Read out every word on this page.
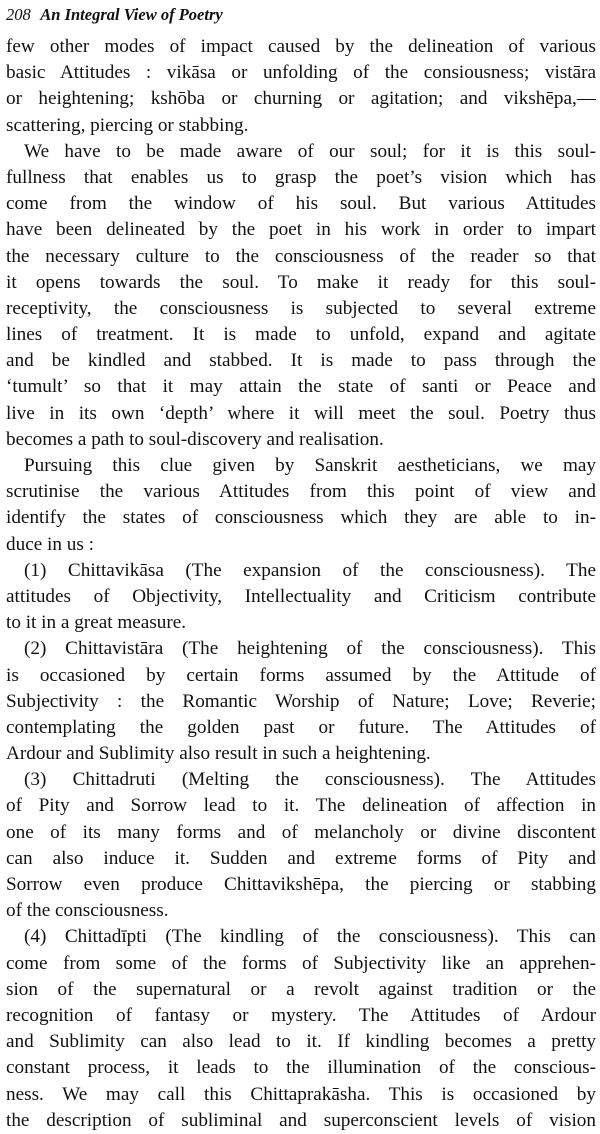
208 An Integral View of Poetry
few other modes of impact caused by the delineation of various
basic Attitudes : vikāsa or unfolding of the consiousness; vistāra
or heightening; kshōba or churning or agitation; and vikshēpa,—
scattering, piercing or stabbing.
We have to be made aware of our soul; for it is this soul-
fullness that enables us to grasp the poet’s vision which has
come from the window of his soul. But various Attitudes
have been delineated by the poet in his work in order to impart
the necessary culture to the consciousness of the reader so that
it opens towards the soul. To make it ready for this soul-
receptivity, the consciousness is subjected to several extreme
lines of treatment. It is made to unfold, expand and agitate
and be kindled and stabbed. It is made to pass through the
‘tumult’ so that it may attain the state of santi or Peace and
live in its own ‘depth’ where it will meet the soul. Poetry thus
becomes a path to soul-discovery and realisation.
Pursuing this clue given by Sanskrit aestheticians, we may
scrutinise the various Attitudes from this point of view and
identify the states of consciousness which they are able to in-
duce in us :
(1) Chittavikāsa (The expansion of the consciousness). The
attitudes of Objectivity, Intellectuality and Criticism contribute
to it in a great measure.
(2) Chittavistāra (The heightening of the consciousness). This
is occasioned by certain forms assumed by the Attitude of
Subjectivity : the Romantic Worship of Nature; Love; Reverie;
contemplating the golden past or future. The Attitudes of
Ardour and Sublimity also result in such a heightening.
(3) Chittadruti (Melting the consciousness). The Attitudes
of Pity and Sorrow lead to it. The delineation of affection in
one of its many forms and of melancholy or divine discontent
can also induce it. Sudden and extreme forms of Pity and
Sorrow even produce Chittavikshēpa, the piercing or stabbing
of the consciousness.
(4) Chittadīpti (The kindling of the consciousness). This can
come from some of the forms of Subjectivity like an apprehen-
sion of the supernatural or a revolt against tradition or the
recognition of fantasy or mystery. The Attitudes of Ardour
and Sublimity can also lead to it. If kindling becomes a pretty
constant process, it leads to the illumination of the conscious-
ness. We may call this Chittaprakāsha. This is occasioned by
the description of subliminal and superconscient levels of vision
